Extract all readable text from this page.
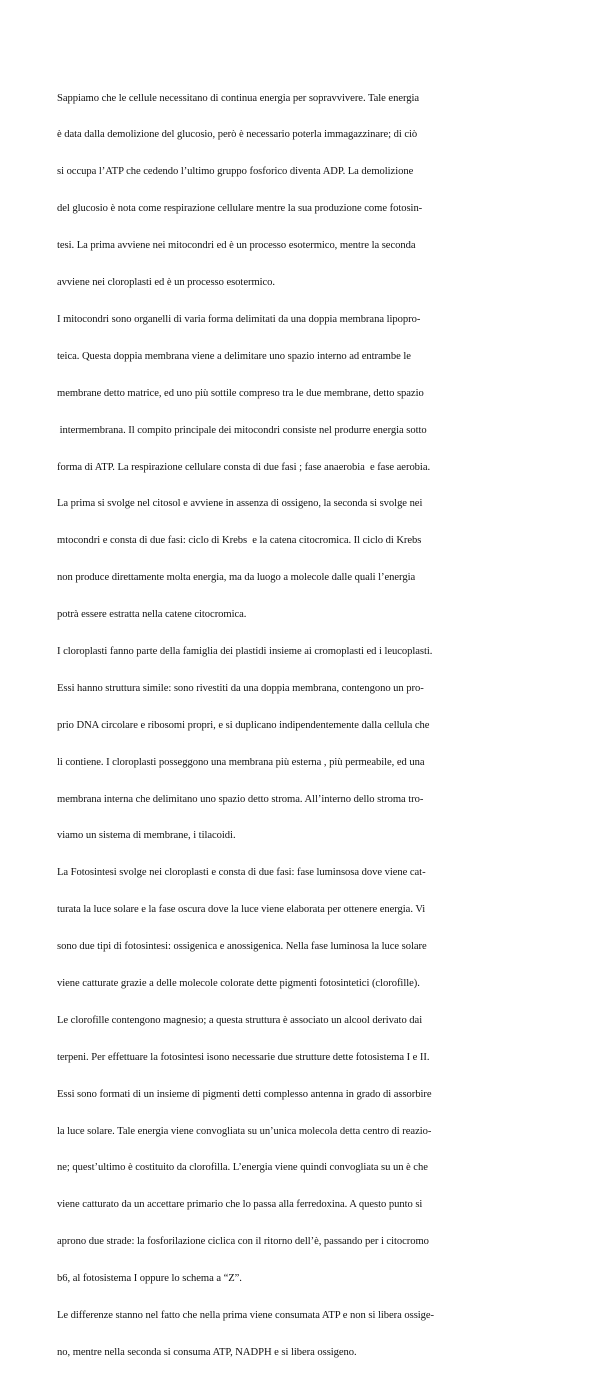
Sappiamo che le cellule necessitano di continua energia per sopravvivere. Tale energia

è data dalla demolizione del glucosio, però è necessario poterla immagazzinare; di ciò

si occupa l’ATP che cedendo l’ultimo gruppo fosforico diventa ADP. La demolizione

del glucosio è nota come respirazione cellulare mentre la sua produzione come fotosin-

tesi. La prima avviene nei mitocondri ed è un processo esotermico, mentre la seconda

avviene nei cloroplasti ed è un processo esotermico.

I mitocondri sono organelli di varia forma delimitati da una doppia membrana lipopro-

teica. Questa doppia membrana viene a delimitare uno spazio interno ad entrambe le

membrane detto matrice, ed uno più sottile compreso tra le due membrane, detto spazio

intermembrana. Il compito principale dei mitocondri consiste nel produrre energia sotto

forma di ATP. La respirazione cellulare consta di due fasi ; fase anaerobia  e fase aerobia.

La prima si svolge nel citosol e avviene in assenza di ossigeno, la seconda si svolge nei

mtocondri e consta di due fasi: ciclo di Krebs  e la catena citocromica. Il ciclo di Krebs

non produce direttamente molta energia, ma da luogo a molecole dalle quali l’energia

potrà essere estratta nella catene citocromica.

I cloroplasti fanno parte della famiglia dei plastidi insieme ai cromoplasti ed i leucoplasti.

Essi hanno struttura simile: sono rivestiti da una doppia membrana, contengono un pro-

prio DNA circolare e ribosomi propri, e si duplicano indipendentemente dalla cellula che

li contiene. I cloroplasti posseggono una membrana più esterna , più permeabile, ed una

membrana interna che delimitano uno spazio detto stroma. All’interno dello stroma tro-

viamo un sistema di membrane, i tilacoidi.

La Fotosintesi svolge nei cloroplasti e consta di due fasi: fase luminsosa dove viene cat-

turata la luce solare e la fase oscura dove la luce viene elaborata per ottenere energia. Vi

sono due tipi di fotosintesi: ossigenica e anossigenica. Nella fase luminosa la luce solare

viene catturate grazie a delle molecole colorate dette pigmenti fotosintetici (clorofille).

Le clorofille contengono magnesio; a questa struttura è associato un alcool derivato dai

terpeni. Per effettuare la fotosintesi isono necessarie due strutture dette fotosistema I e II.

Essi sono formati di un insieme di pigmenti detti complesso antenna in grado di assorbire

la luce solare. Tale energia viene convogliata su un’unica molecola detta centro di reazio-

ne; quest’ultimo è costituito da clorofilla. L’energia viene quindi convogliata su un è che

viene catturato da un accettare primario che lo passa alla ferredoxina. A questo punto si

aprono due strade: la fosforilazione ciclica con il ritorno dell’è, passando per i citocromo

b6, al fotosistema I oppure lo schema a “Z”.

Le differenze stanno nel fatto che nella prima viene consumata ATP e non si libera ossige-

no, mentre nella seconda si consuma ATP, NADPH e si libera ossigeno.
